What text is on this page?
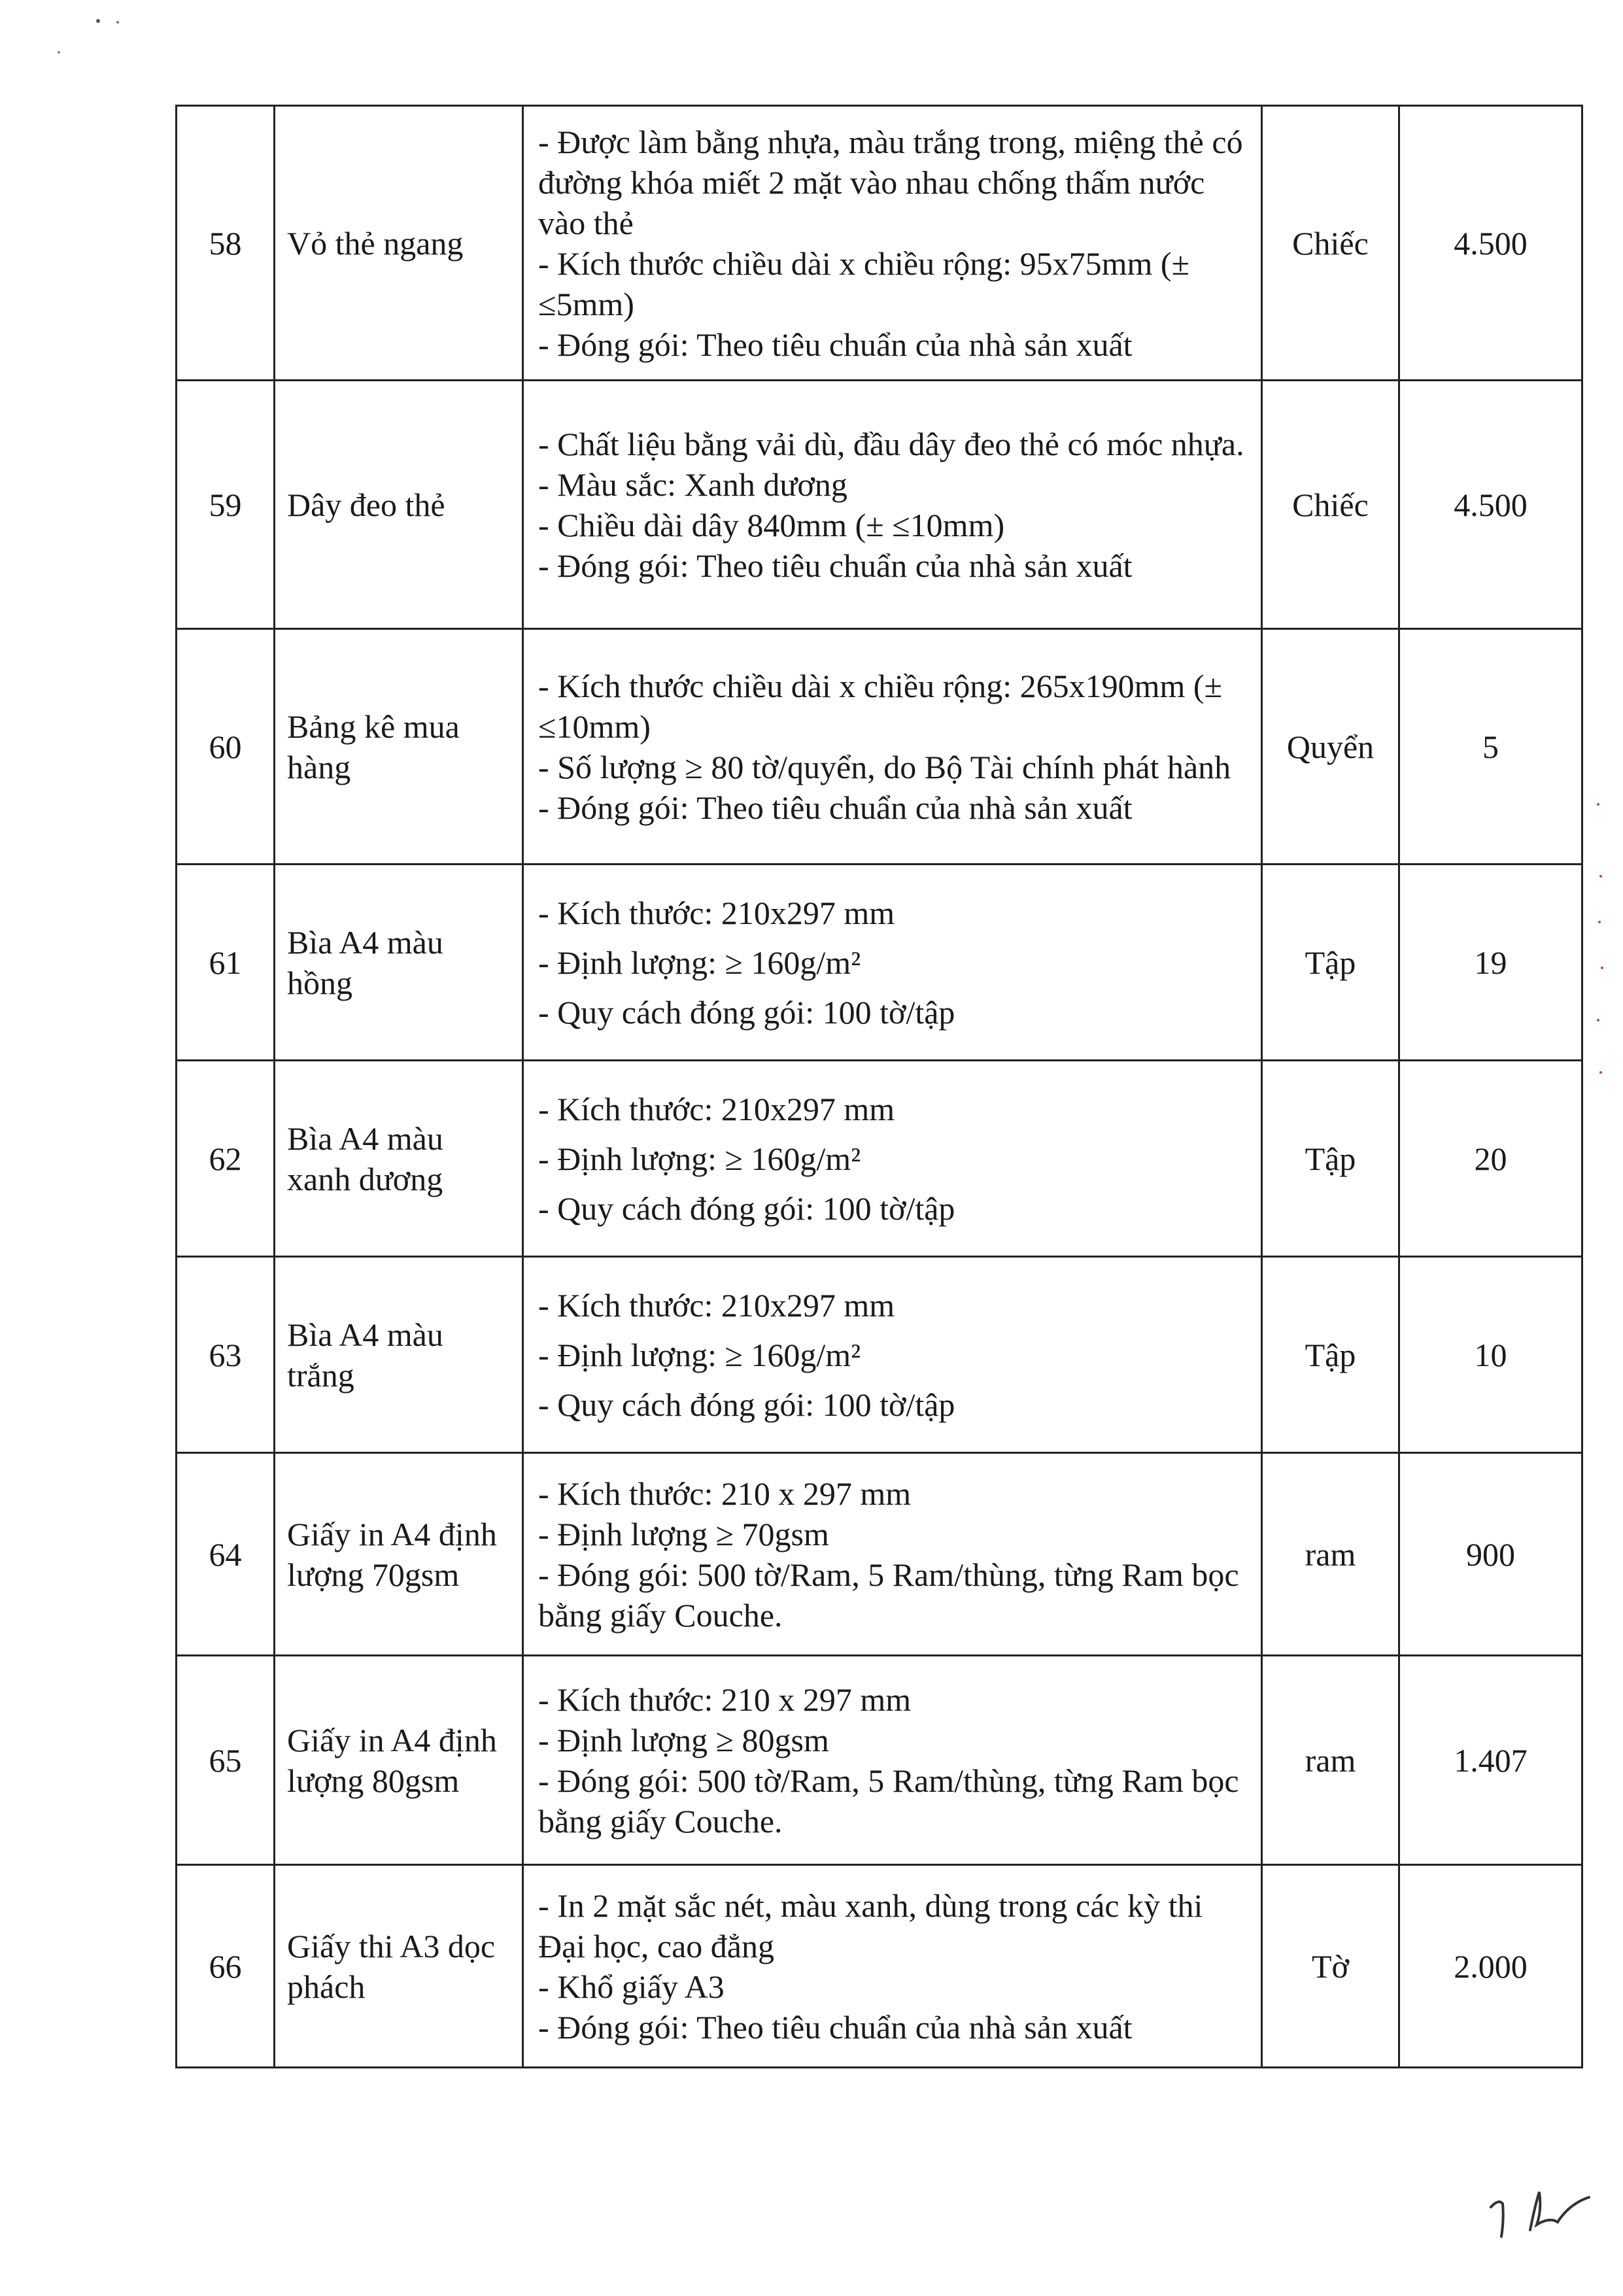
58	Vỏ thẻ ngang	- Được làm bằng nhựa, màu trắng trong, miệng thẻ có đường khóa miết 2 mặt vào nhau chống thấm nước vào thẻ
- Kích thước chiều dài x chiều rộng: 95x75mm (± ≤5mm)
- Đóng gói: Theo tiêu chuẩn của nhà sản xuất	Chiếc	4.500
59	Dây đeo thẻ	- Chất liệu bằng vải dù, đầu dây đeo thẻ có móc nhựa.
- Màu sắc: Xanh dương
- Chiều dài dây 840mm (± ≤10mm)
- Đóng gói: Theo tiêu chuẩn của nhà sản xuất	Chiếc	4.500
60	Bảng kê mua hàng	- Kích thước chiều dài x chiều rộng: 265x190mm (± ≤10mm)
- Số lượng ≥ 80 tờ/quyển, do Bộ Tài chính phát hành
- Đóng gói: Theo tiêu chuẩn của nhà sản xuất	Quyển	5
61	Bìa A4 màu hồng	- Kích thước: 210x297 mm
- Định lượng: ≥ 160g/m²
- Quy cách đóng gói: 100 tờ/tập	Tập	19
62	Bìa A4 màu xanh dương	- Kích thước: 210x297 mm
- Định lượng: ≥ 160g/m²
- Quy cách đóng gói: 100 tờ/tập	Tập	20
63	Bìa A4 màu trắng	- Kích thước: 210x297 mm
- Định lượng: ≥ 160g/m²
- Quy cách đóng gói: 100 tờ/tập	Tập	10
64	Giấy in A4 định lượng 70gsm	- Kích thước: 210 x 297 mm
- Định lượng ≥ 70gsm
- Đóng gói: 500 tờ/Ram, 5 Ram/thùng, từng Ram bọc bằng giấy Couche.	ram	900
65	Giấy in A4 định lượng 80gsm	- Kích thước: 210 x 297 mm
- Định lượng ≥ 80gsm
- Đóng gói: 500 tờ/Ram, 5 Ram/thùng, từng Ram bọc bằng giấy Couche.	ram	1.407
66	Giấy thi A3 dọc phách	- In 2 mặt sắc nét, màu xanh, dùng trong các kỳ thi Đại học, cao đẳng
- Khổ giấy A3
- Đóng gói: Theo tiêu chuẩn của nhà sản xuất	Tờ	2.000
